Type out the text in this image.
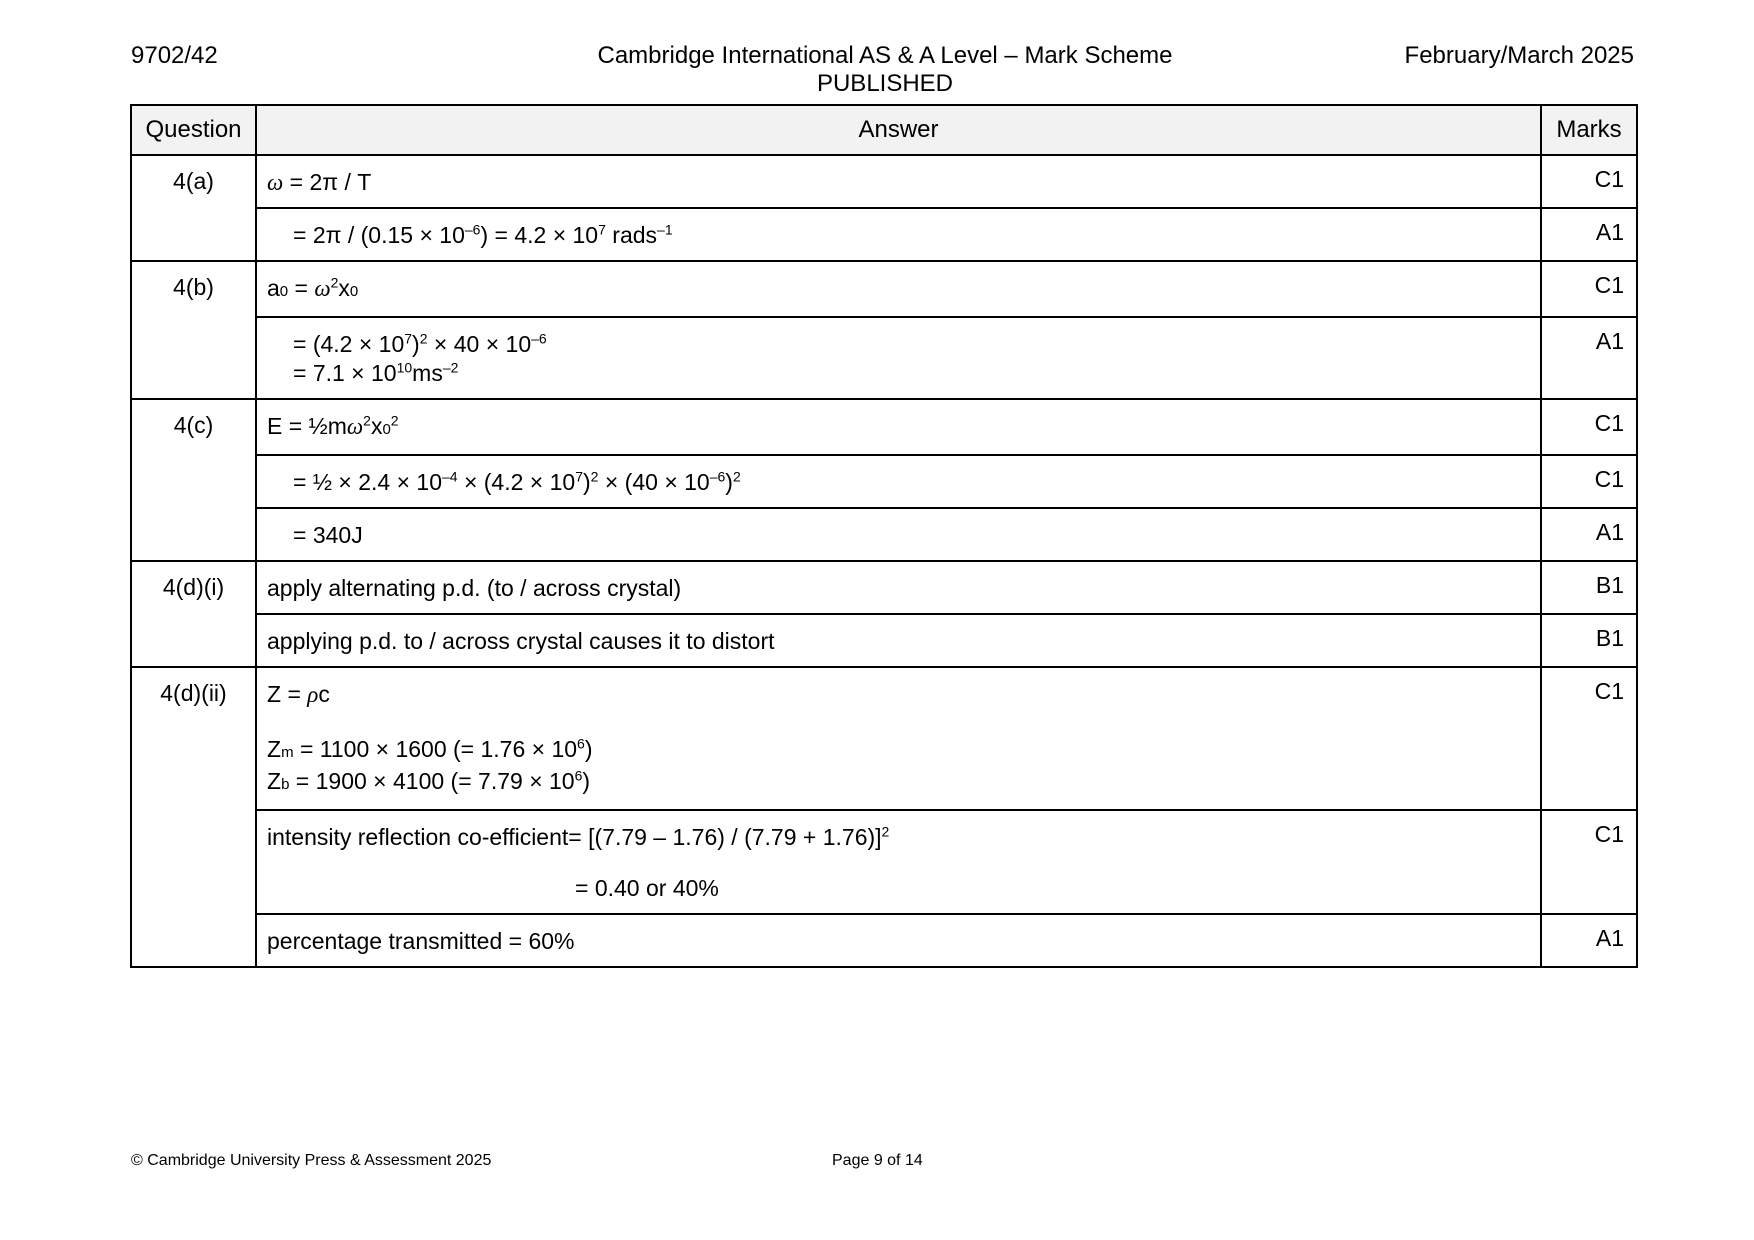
9702/42	Cambridge International AS & A Level – Mark Scheme
PUBLISHED
February/March 2025
Question	Answer	Marks
4(a)	ω = 2π / T	C1

	= $2\pi / (0.15 \times 10^{-6}) = 4.2 \times 10^7$ rads$^{-1}$	A1
4(b)	$a0 = \omega^2x0$	C1

	= $(4.2 \times 10^7)^2 \times 40 \times 10^{-6}$
= $7.1 \times 10^{10}ms^{-2}$	A1
4(c)	$E = \frac{1}{2}m\omega^2x0^2$	C1

	= ½ × $2.4 \times 10^{-4} \times (4.2 \times 10^7)^2 \times (40 \times 10^{-6})^2$	C1

	= 340J	A1
4(d)(i)	apply alternating p.d. (to / across crystal)	B1
	applying p.d. to / across crystal causes it to distort	B1
4(d)(ii)	Z = ρc
Zm = 1100 × 1600 (= $1.76 \times 10^6$)
Zb = 1900 × 4100 (= $7.79 \times 10^6$)	C1

	intensity reflection co-efficient= $[(7.79 - 1.76) / (7.79 + 1.76)]^2$
= 0.40 or 40%	C1
	percentage transmitted = 60%	A1
© Cambridge University Press & Assessment 2025	Page 9 of 14
